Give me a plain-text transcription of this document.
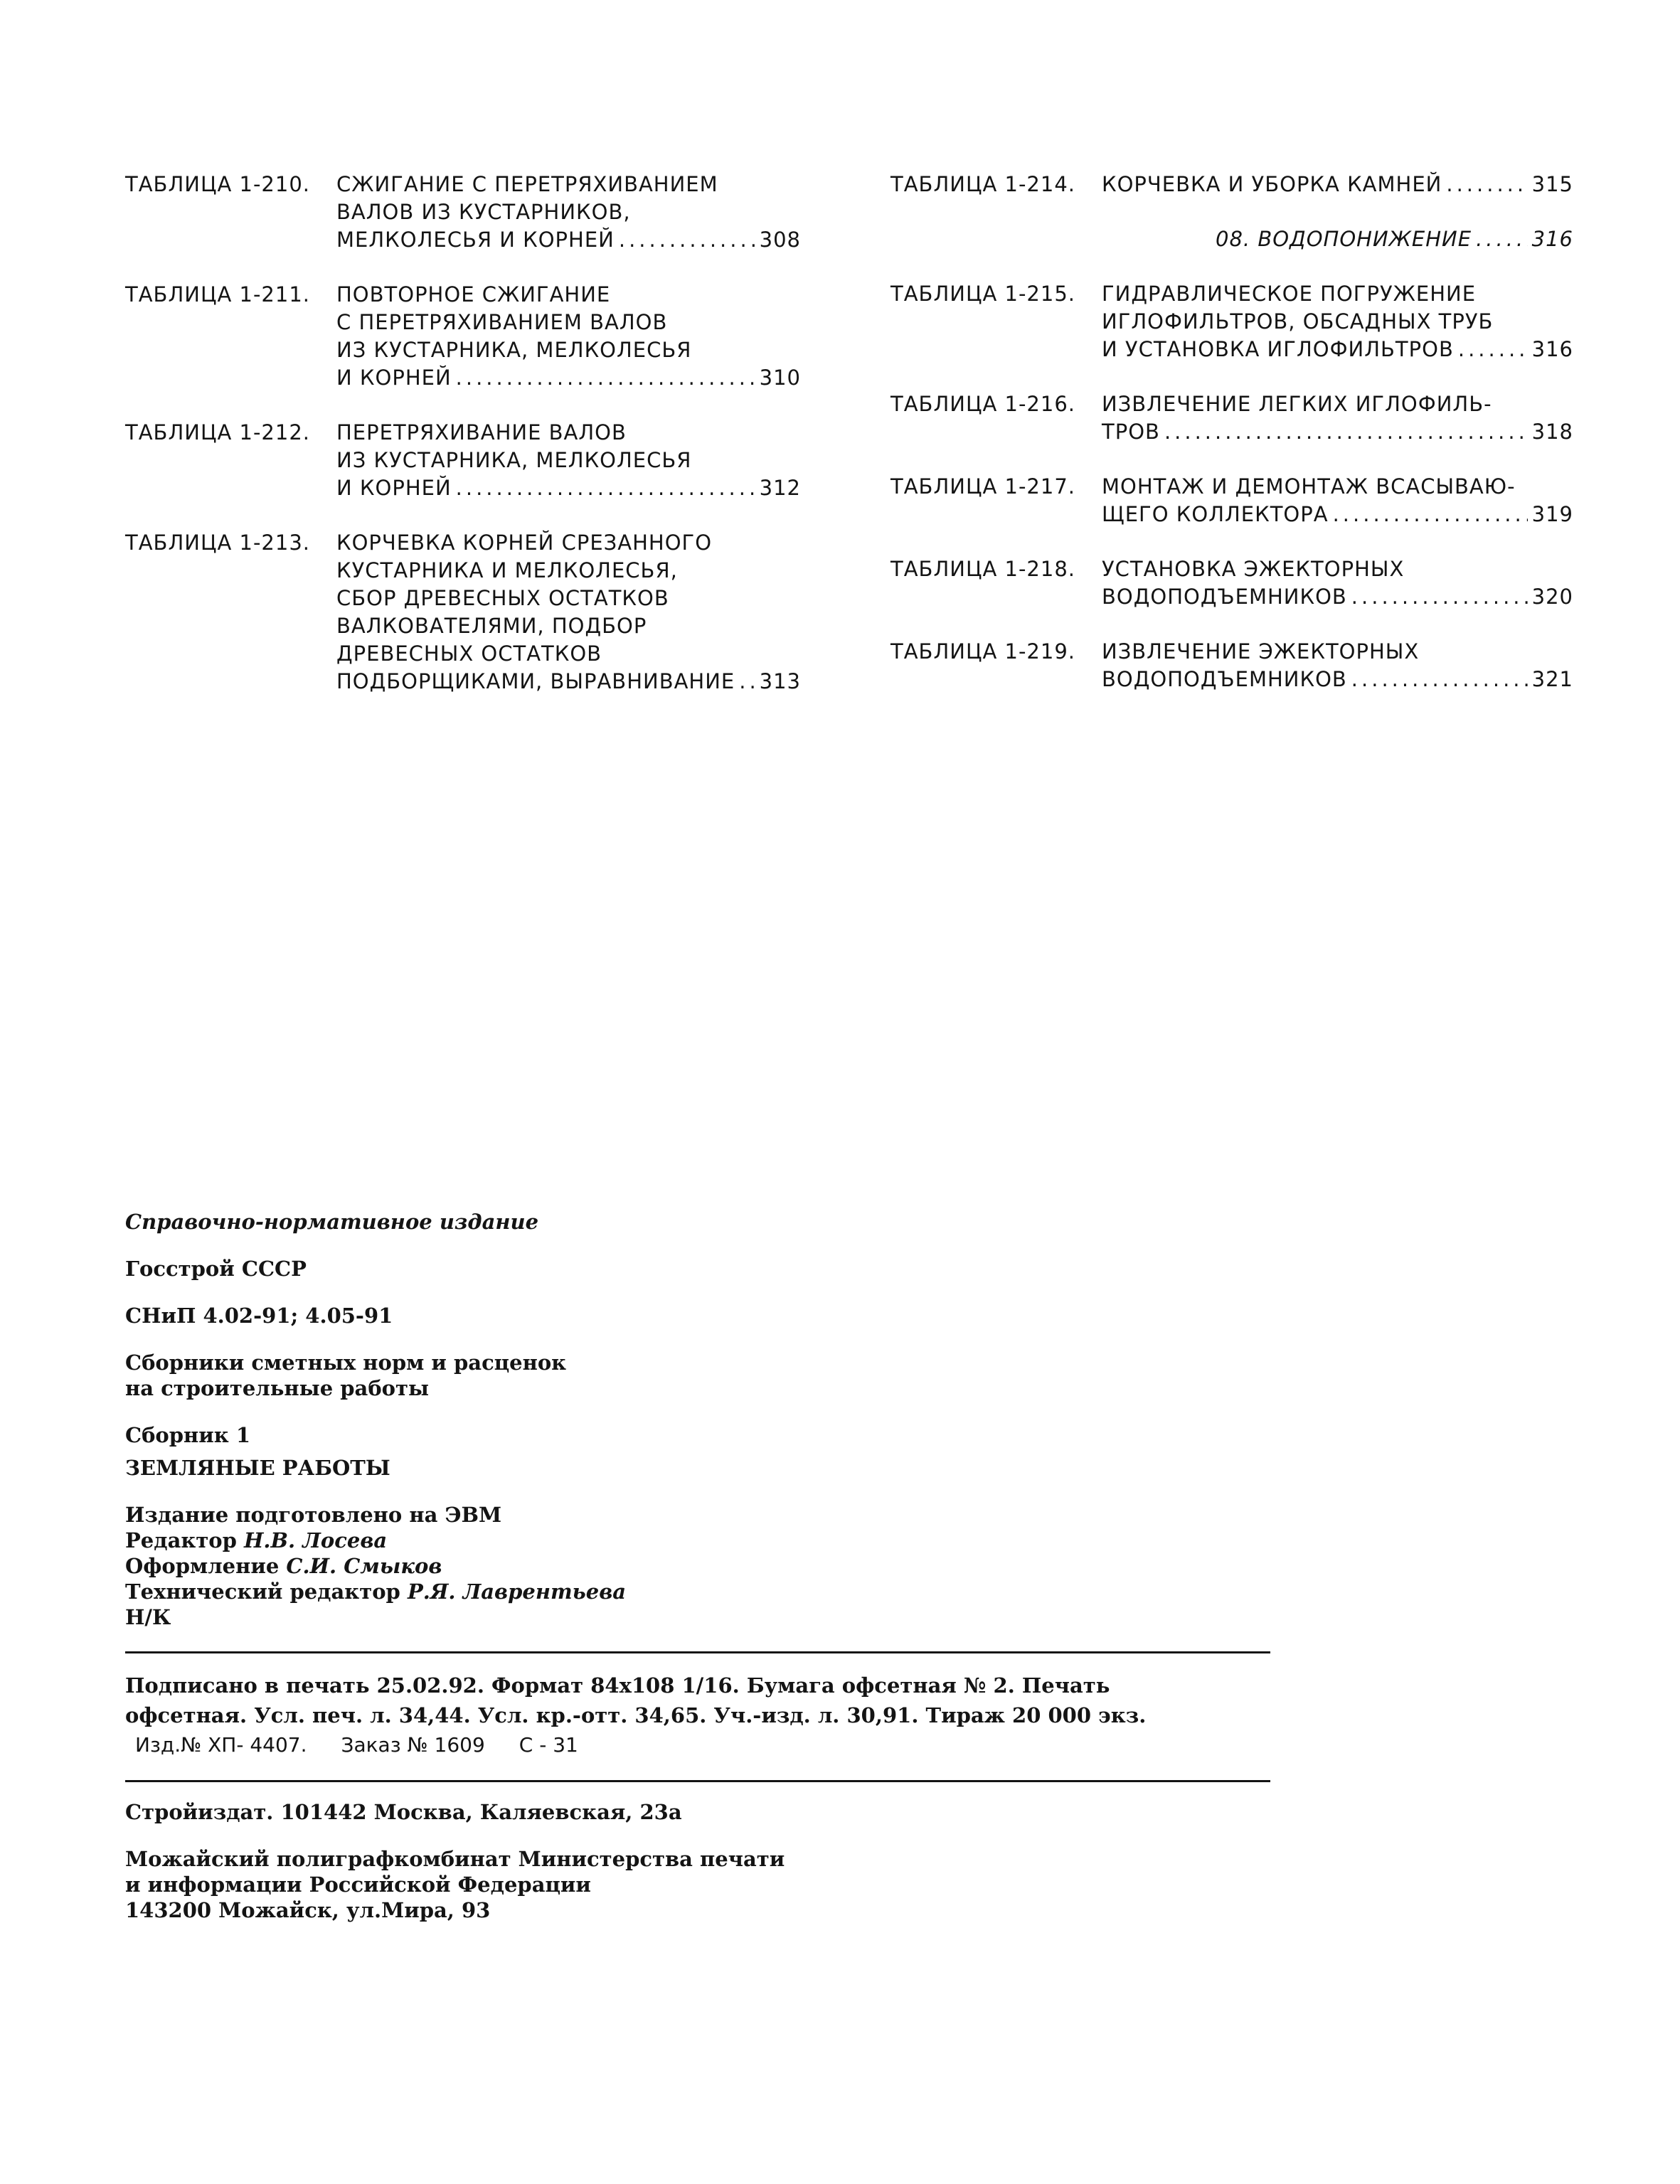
ТАБЛИЦА 1-210.	СЖИГАНИЕ С ПЕРЕТРЯХИВАНИЕМ
ВАЛОВ ИЗ КУСТАРНИКОВ,
МЕЛКОЛЕСЬЯ И КОРНЕЙ .....	308
ТАБЛИЦА 1-211.	ПОВТОРНОЕ СЖИГАНИЕ
С ПЕРЕТРЯХИВАНИЕМ ВАЛОВ
ИЗ КУСТАРНИКА, МЕЛКОЛЕСЬЯ
И КОРНЕЙ .....	310
ТАБЛИЦА 1-212.	ПЕРЕТРЯХИВАНИЕ ВАЛОВ
ИЗ КУСТАРНИКА, МЕЛКОЛЕСЬЯ
И КОРНЕЙ .....	312
ТАБЛИЦА 1-213.	КОРЧЕВКА КОРНЕЙ СРЕЗАННОГО
КУСТАРНИКА И МЕЛКОЛЕСЬЯ,
СБОР ДРЕВЕСНЫХ ОСТАТКОВ
ВАЛКОВАТЕЛЯМИ, ПОДБОР
ДРЕВЕСНЫХ ОСТАТКОВ
ПОДБОРЩИКАМИ, ВЫРАВНИВАНИЕ ..... 313
ТАБЛИЦА 1-214.	КОРЧЕВКА И УБОРКА КАМНЕЙ .....	315
08. ВОДОПОНИЖЕНИЕ .....	316
ТАБЛИЦА 1-215.	ГИДРАВЛИЧЕСКОЕ ПОГРУЖЕНИЕ
ИГЛОФИЛЬТРОВ, ОБСАДНЫХ ТРУБ
И УСТАНОВКА ИГЛОФИЛЬТРОВ .....	316
ТАБЛИЦА 1-216.	ИЗВЛЕЧЕНИЕ ЛЕГКИХ ИГЛОФИЛЬ-
ТРОВ .....	318
ТАБЛИЦА 1-217.	МОНТАЖ И ДЕМОНТАЖ ВСАСЫВАЮ-
ЩЕГО КОЛЛЕКТОРА .....	319
ТАБЛИЦА 1-218.	УСТАНОВКА ЭЖЕКТОРНЫХ
ВОДОПОДЪЕМНИКОВ .....	320
ТАБЛИЦА 1-219.	ИЗВЛЕЧЕНИЕ ЭЖЕКТОРНЫХ
ВОДОПОДЪЕМНИКОВ .....	321
Справочно-нормативное издание
Госстрой СССР
СНиП 4.02-91; 4.05-91
Сборники сметных норм и расценок
на строительные работы
Сборник 1
ЗЕМЛЯНЫЕ РАБОТЫ
Издание подготовлено на ЭВМ
Редактор Н.В. Лосева
Оформление С.И. Смыков
Технический редактор Р.Я. Лаврентьева
Н/К
Подписано в печать 25.02.92. Формат 84x108 1/16. Бумага офсетная № 2. Печать
офсетная. Усл. печ. л. 34,44. Усл. кр.-отт. 34,65. Уч.-изд. л. 30,91. Тираж 20 000 экз.
Изд.№ ХП- 4407. Заказ № 1609 С - 31
Стройиздат. 101442 Москва, Каляевская, 23а
Можайский полиграфкомбинат Министерства печати
и информации Российской Федерации
143200 Можайск, ул.Мира, 93
